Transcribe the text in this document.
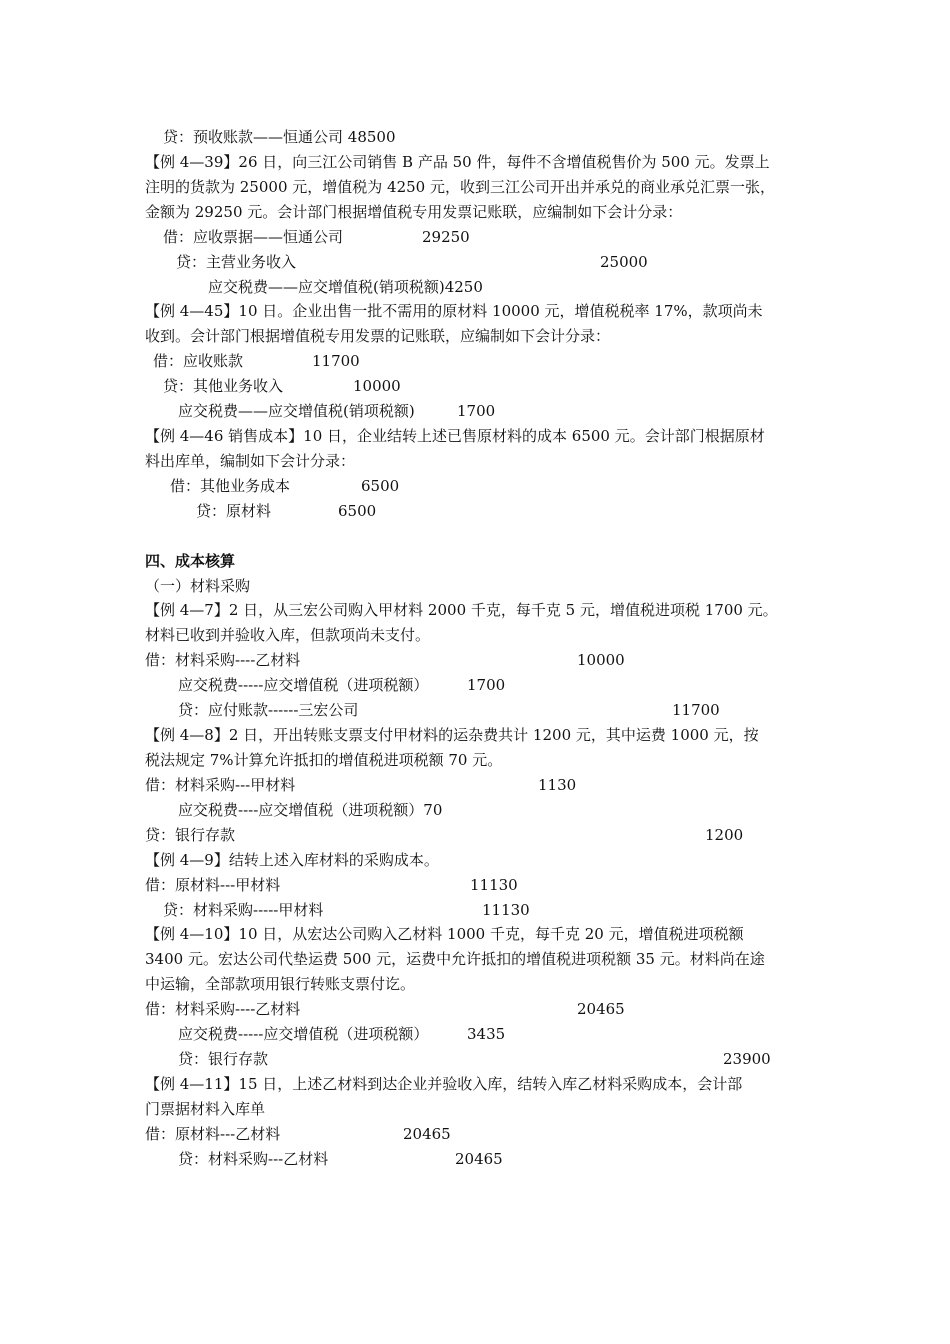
贷：预收账款——恒通公司 48500
【例 4—39】26 日，向三江公司销售 B 产品 50 件，每件不含增值税售价为 500 元。发票上
注明的货款为 25000 元，增值税为 4250 元，收到三江公司开出并承兑的商业承兑汇票一张，
金额为 29250 元。会计部门根据增值税专用发票记账联，应编制如下会计分录：
借：应收票据——恒通公司	29250
贷：主营业务收入	25000
应交税费——应交增值税(销项税额)4250
【例 4—45】10 日。企业出售一批不需用的原材料 10000 元，增值税税率 17%，款项尚未
收到。会计部门根据增值税专用发票的记账联，应编制如下会计分录：
借：应收账款	11700
贷：其他业务收入	10000
应交税费——应交增值税(销项税额)	1700
【例 4—46 销售成本】10 日，企业结转上述已售原材料的成本 6500 元。会计部门根据原材
料出库单，编制如下会计分录：
借：其他业务成本	6500
贷：原材料	6500
四、成本核算
（一）材料采购
【例 4—7】2 日，从三宏公司购入甲材料 2000 千克，每千克 5 元，增值税进项税 1700 元。
材料已收到并验收入库，但款项尚未支付。
借：材料采购----乙材料	10000
应交税费-----应交增值税（进项税额）	1700
贷：应付账款------三宏公司	11700
【例 4—8】2 日，开出转账支票支付甲材料的运杂费共计 1200 元，其中运费 1000 元，按
税法规定 7%计算允许抵扣的增值税进项税额 70 元。
借：材料采购---甲材料	1130
应交税费----应交增值税（进项税额）70
贷：银行存款	1200
【例 4—9】结转上述入库材料的采购成本。
借：原材料---甲材料	11130
贷：材料采购-----甲材料	11130
【例 4—10】10 日，从宏达公司购入乙材料 1000 千克，每千克 20 元，增值税进项税额
3400 元。宏达公司代垫运费 500 元，运费中允许抵扣的增值税进项税额 35 元。材料尚在途
中运输，全部款项用银行转账支票付讫。
借：材料采购----乙材料	20465
应交税费-----应交增值税（进项税额）	3435
贷：银行存款	23900
【例 4—11】15 日，上述乙材料到达企业并验收入库，结转入库乙材料采购成本，会计部
门票据材料入库单
借：原材料---乙材料	20465
贷：材料采购---乙材料	20465
